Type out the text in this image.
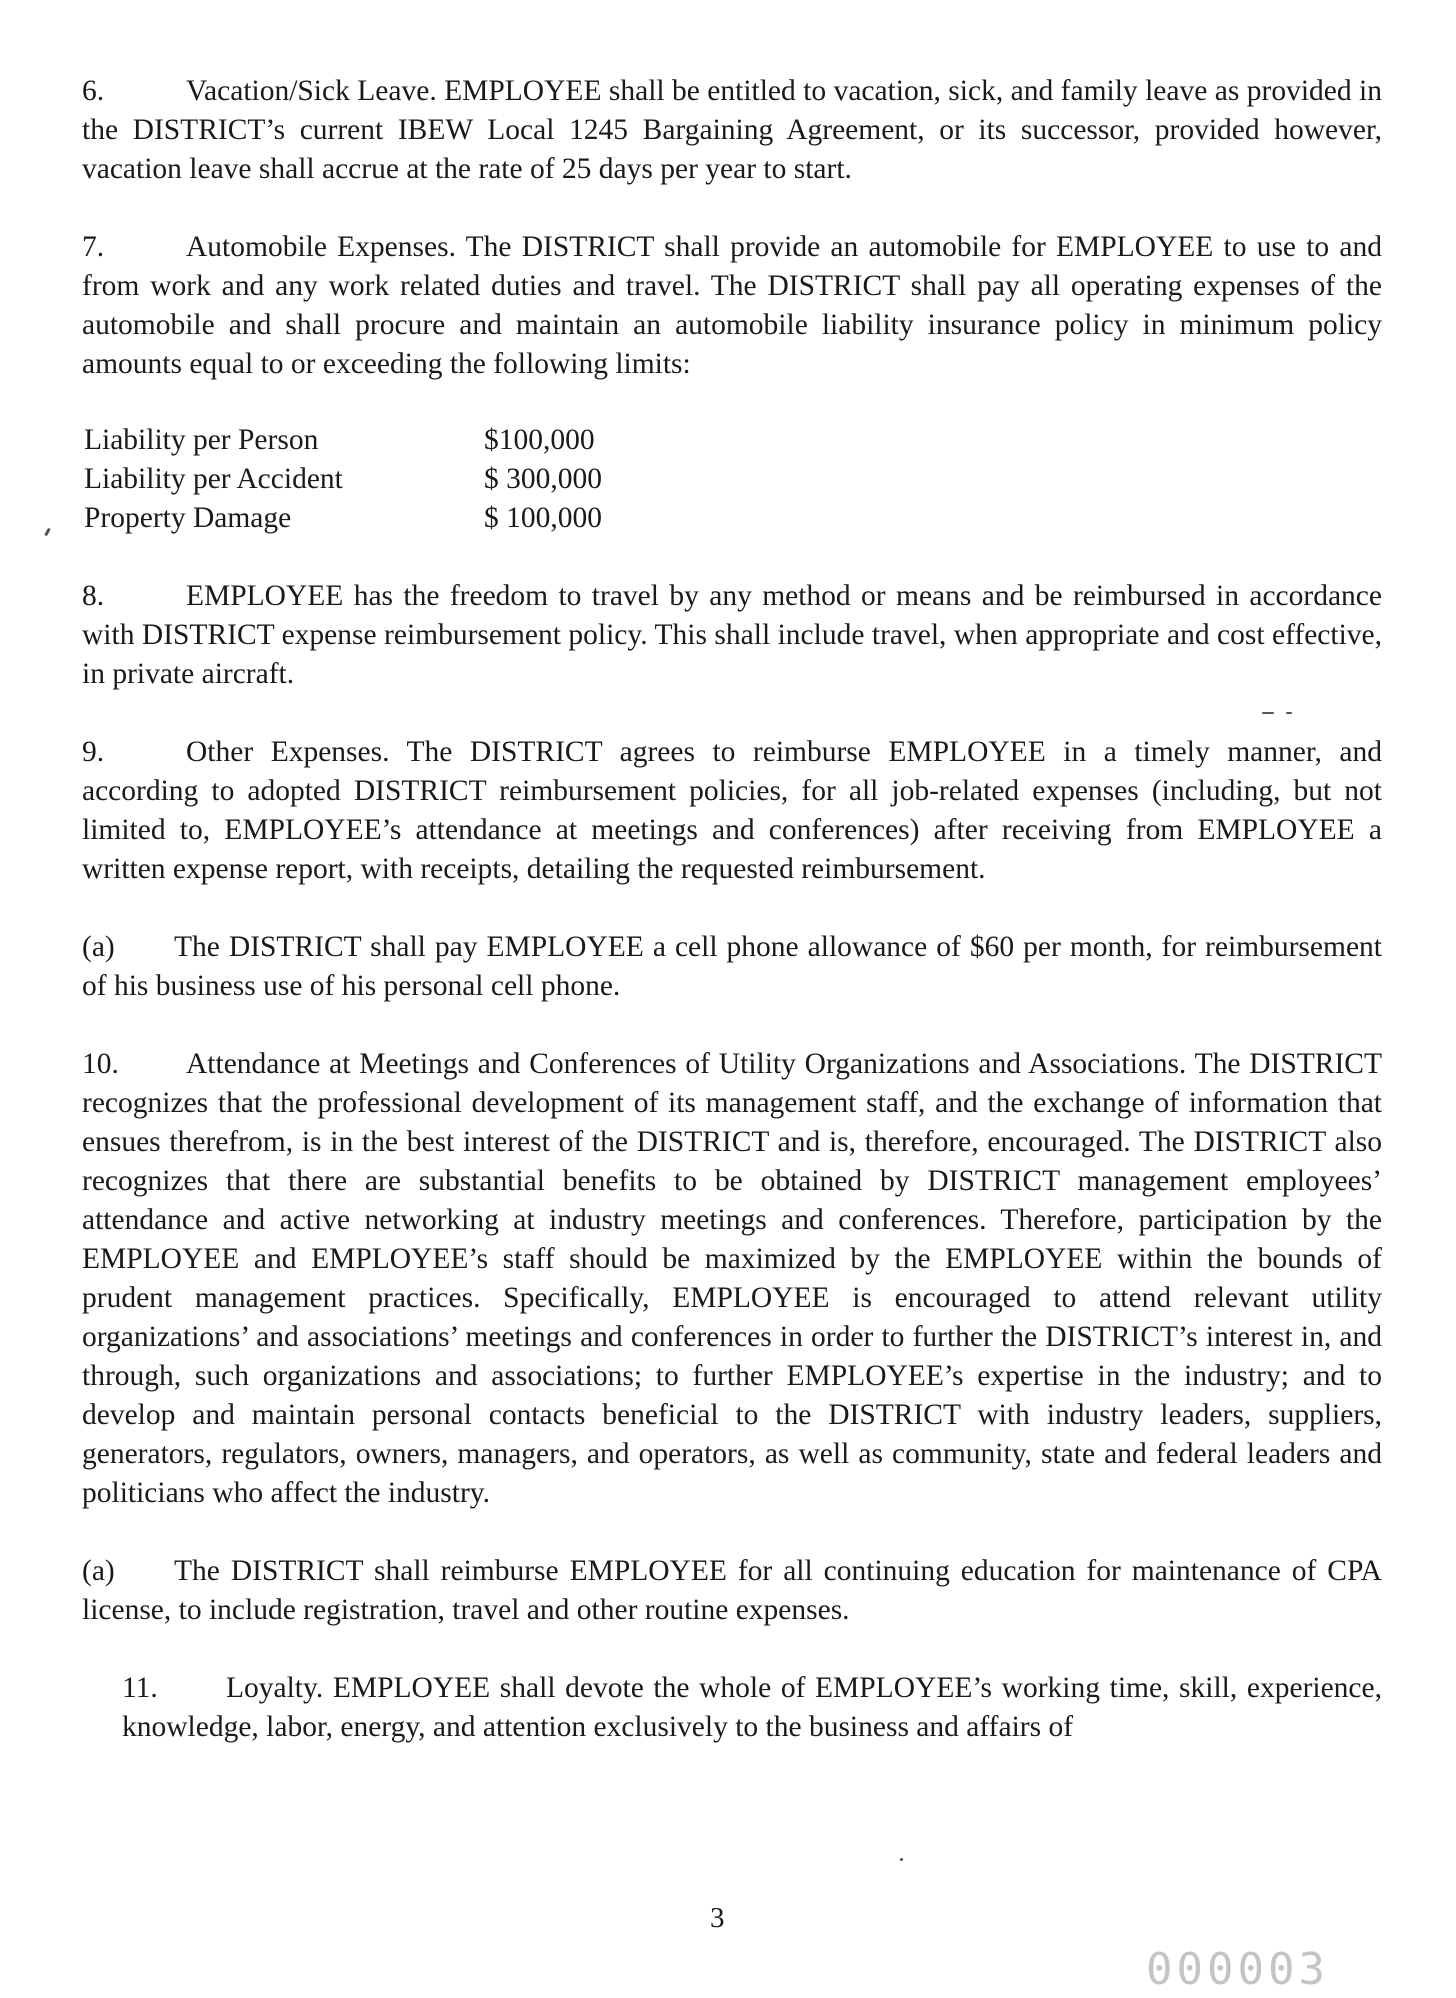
6.	Vacation/Sick Leave. EMPLOYEE shall be entitled to vacation, sick, and family leave as provided in the DISTRICT’s current IBEW Local 1245 Bargaining Agreement, or its successor, provided however, vacation leave shall accrue at the rate of 25 days per year to start.

7.	Automobile Expenses. The DISTRICT shall provide an automobile for EMPLOYEE to use to and from work and any work related duties and travel. The DISTRICT shall pay all operating expenses of the automobile and shall procure and maintain an automobile liability insurance policy in minimum policy amounts equal to or exceeding the following limits:

Liability per Person	$100,000
Liability per Accident	$ 300,000
Property Damage	$ 100,000

8.	EMPLOYEE has the freedom to travel by any method or means and be reimbursed in accordance with DISTRICT expense reimbursement policy. This shall include travel, when appropriate and cost effective, in private aircraft.

9.	Other Expenses. The DISTRICT agrees to reimburse EMPLOYEE in a timely manner, and according to adopted DISTRICT reimbursement policies, for all job-related expenses (including, but not limited to, EMPLOYEE’s attendance at meetings and conferences) after receiving from EMPLOYEE a written expense report, with receipts, detailing the requested reimbursement.

(a) The DISTRICT shall pay EMPLOYEE a cell phone allowance of $60 per month, for reimbursement of his business use of his personal cell phone.

10. Attendance at Meetings and Conferences of Utility Organizations and Associations. The DISTRICT recognizes that the professional development of its management staff, and the exchange of information that ensues therefrom, is in the best interest of the DISTRICT and is, therefore, encouraged. The DISTRICT also recognizes that there are substantial benefits to be obtained by DISTRICT management employees’ attendance and active networking at industry meetings and conferences. Therefore, participation by the EMPLOYEE and EMPLOYEE’s staff should be maximized by the EMPLOYEE within the bounds of prudent management practices. Specifically, EMPLOYEE is encouraged to attend relevant utility organizations’ and associations’ meetings and conferences in order to further the DISTRICT’s interest in, and through, such organizations and associations; to further EMPLOYEE’s expertise in the industry; and to develop and maintain personal contacts beneficial to the DISTRICT with industry leaders, suppliers, generators, regulators, owners, managers, and operators, as well as community, state and federal leaders and politicians who affect the industry.

(a) The DISTRICT shall reimburse EMPLOYEE for all continuing education for maintenance of CPA license, to include registration, travel and other routine expenses.

11. Loyalty. EMPLOYEE shall devote the whole of EMPLOYEE’s working time, skill, experience, knowledge, labor, energy, and attention exclusively to the business and affairs of

3
000003
